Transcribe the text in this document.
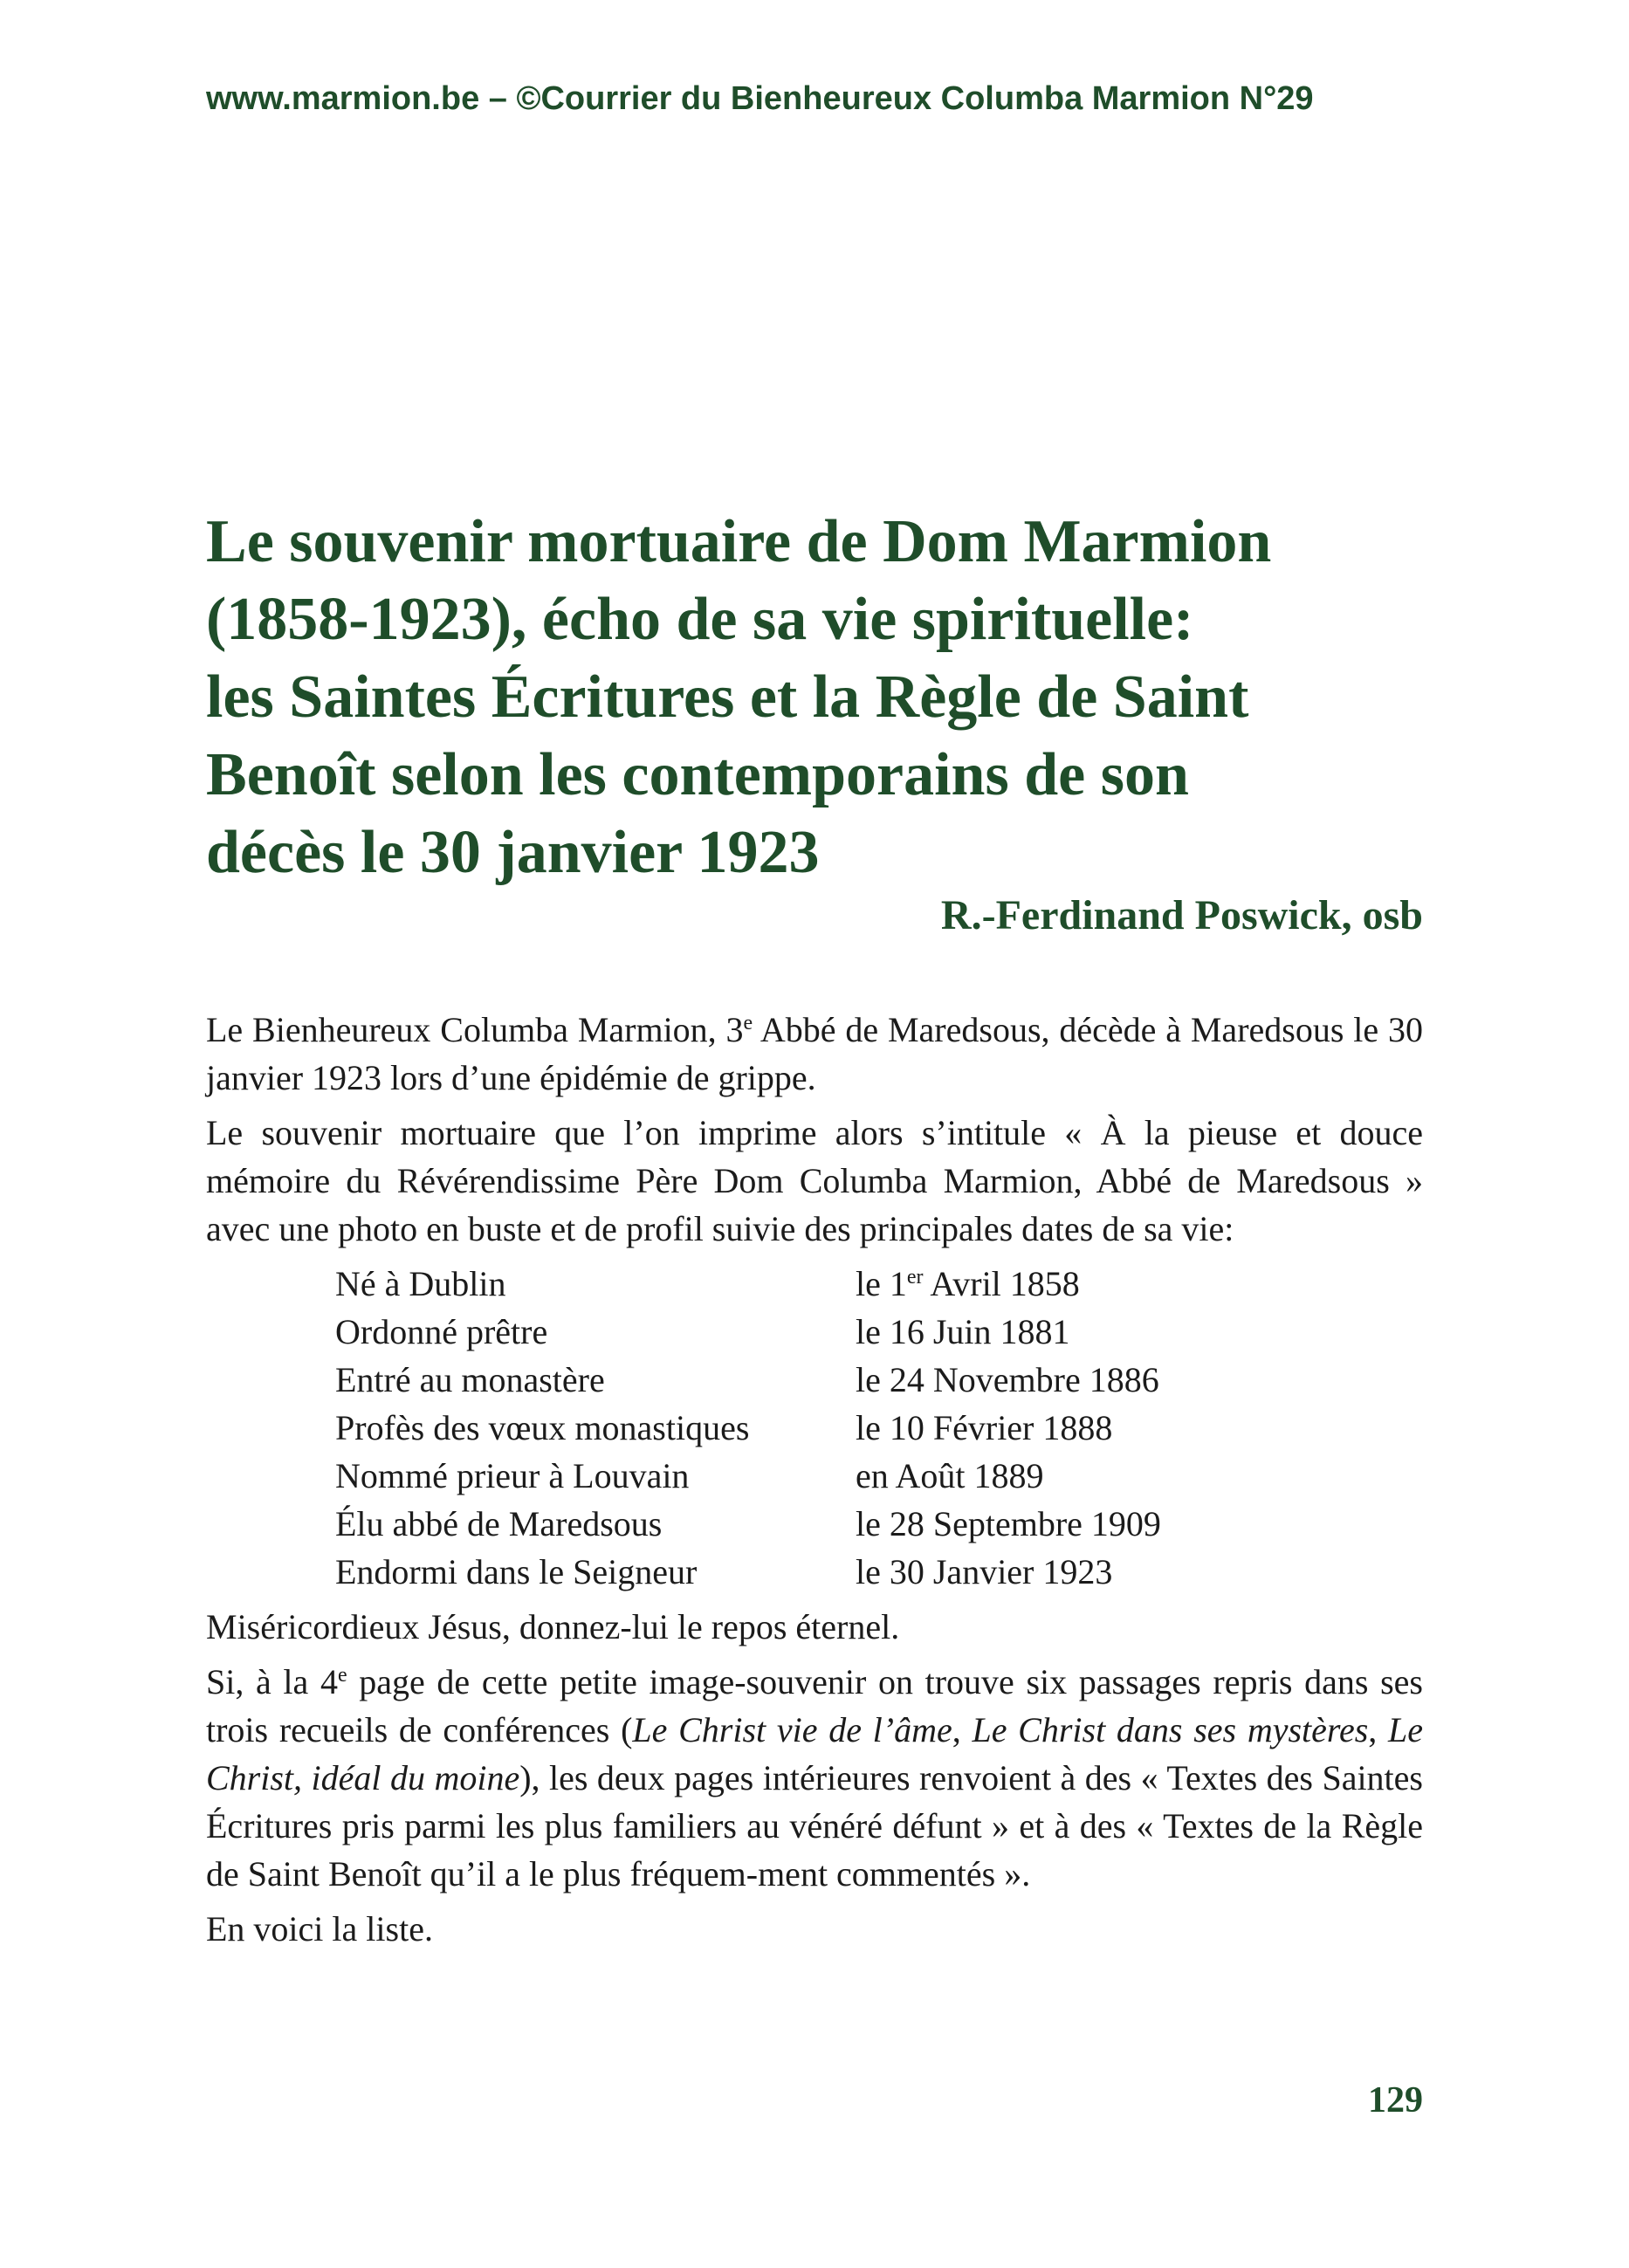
www.marmion.be – ©Courrier du Bienheureux Columba Marmion N°29
Le souvenir mortuaire de Dom Marmion
(1858-1923), écho de sa vie spirituelle:
les Saintes Écritures et la Règle de Saint
Benoît selon les contemporains de son
décès le 30 janvier 1923
R.-Ferdinand Poswick, osb

Le Bienheureux Columba Marmion, 3e Abbé de Maredsous, décède à Maredsous le 30 janvier 1923 lors d’une épidémie de grippe.

Le souvenir mortuaire que l’on imprime alors s’intitule « À la pieuse et douce mémoire du Révérendissime Père Dom Columba Marmion, Abbé de Maredsous » avec une photo en buste et de profil suivie des principales dates de sa vie:

Né à Dublin	le 1er Avril 1858
Ordonné prêtre	le 16 Juin 1881
Entré au monastère	le 24 Novembre 1886
Profès des vœux monastiques	le 10 Février 1888
Nommé prieur à Louvain	en Août 1889
Élu abbé de Maredsous	le 28 Septembre 1909
Endormi dans le Seigneur	le 30 Janvier 1923

Miséricordieux Jésus, donnez-lui le repos éternel.

Si, à la 4e page de cette petite image-souvenir on trouve six passages repris dans ses trois recueils de conférences (Le Christ vie de l’âme, Le Christ dans ses mystères, Le Christ, idéal du moine), les deux pages intérieures renvoient à des « Textes des Saintes Écritures pris parmi les plus familiers au vénéré défunt » et à des « Textes de la Règle de Saint Benoît qu’il a le plus fréquem-ment commentés ».

En voici la liste.

129
